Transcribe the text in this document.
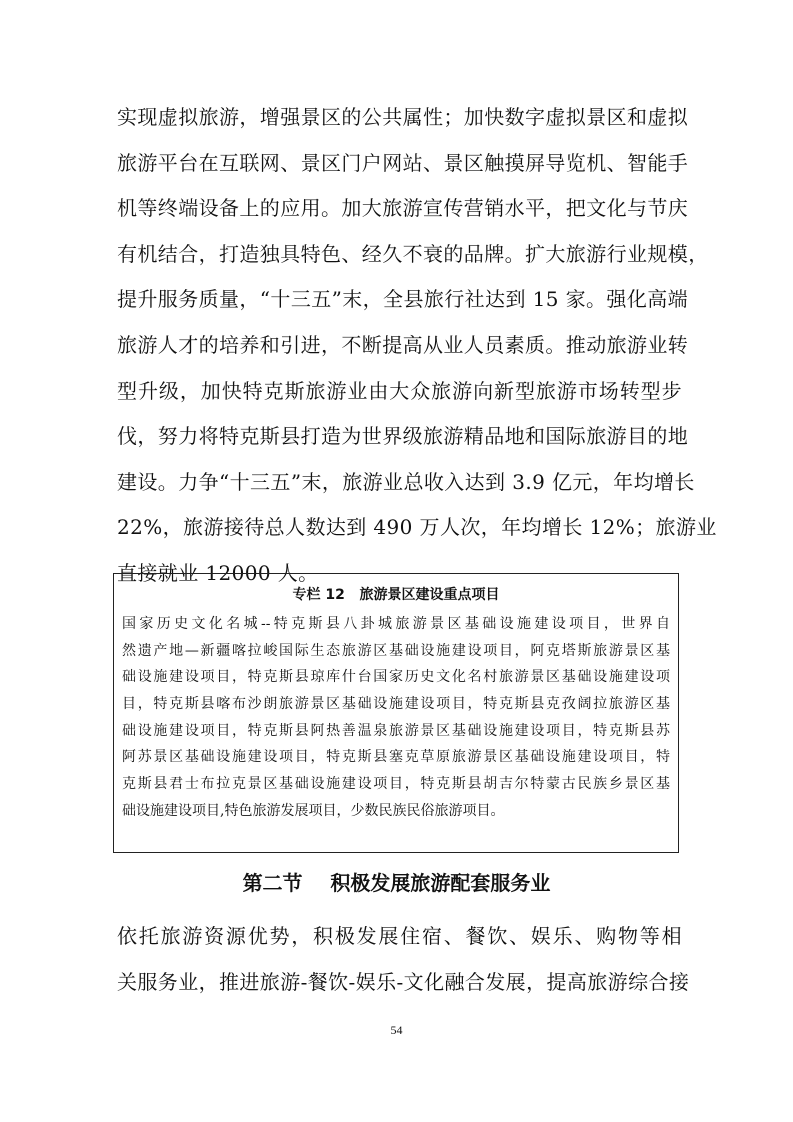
实现虚拟旅游，增强景区的公共属性；加快数字虚拟景区和虚拟
旅游平台在互联网、景区门户网站、景区触摸屏导览机、智能手
机等终端设备上的应用。加大旅游宣传营销水平，把文化与节庆
有机结合，打造独具特色、经久不衰的品牌。扩大旅游行业规模，
提升服务质量，“十三五”末，全县旅行社达到 15 家。强化高端
旅游人才的培养和引进，不断提高从业人员素质。推动旅游业转
型升级，加快特克斯旅游业由大众旅游向新型旅游市场转型步
伐，努力将特克斯县打造为世界级旅游精品地和国际旅游目的地
建设。力争“十三五”末，旅游业总收入达到 3.9 亿元，年均增长
22%，旅游接待总人数达到 490 万人次，年均增长 12%；旅游业
直接就业 12000 人。
专栏 12   旅游景区建设重点项目
国家历史文化名城--特克斯县八卦城旅游景区基础设施建设项目，世界自
然遗产地—新疆喀拉峻国际生态旅游区基础设施建设项目，阿克塔斯旅游景区基
础设施建设项目，特克斯县琼库什台国家历史文化名村旅游景区基础设施建设项
目，特克斯县喀布沙朗旅游景区基础设施建设项目，特克斯县克孜阔拉旅游区基
础设施建设项目，特克斯县阿热善温泉旅游景区基础设施建设项目，特克斯县苏
阿苏景区基础设施建设项目，特克斯县塞克草原旅游景区基础设施建设项目，特
克斯县君士布拉克景区基础设施建设项目，特克斯县胡吉尔特蒙古民族乡景区基
础设施建设项目,特色旅游发展项目，少数民族民俗旅游项目。
第二节    积极发展旅游配套服务业
依托旅游资源优势，积极发展住宿、餐饮、娱乐、购物等相
关服务业，推进旅游-餐饮-娱乐-文化融合发展，提高旅游综合接
54
